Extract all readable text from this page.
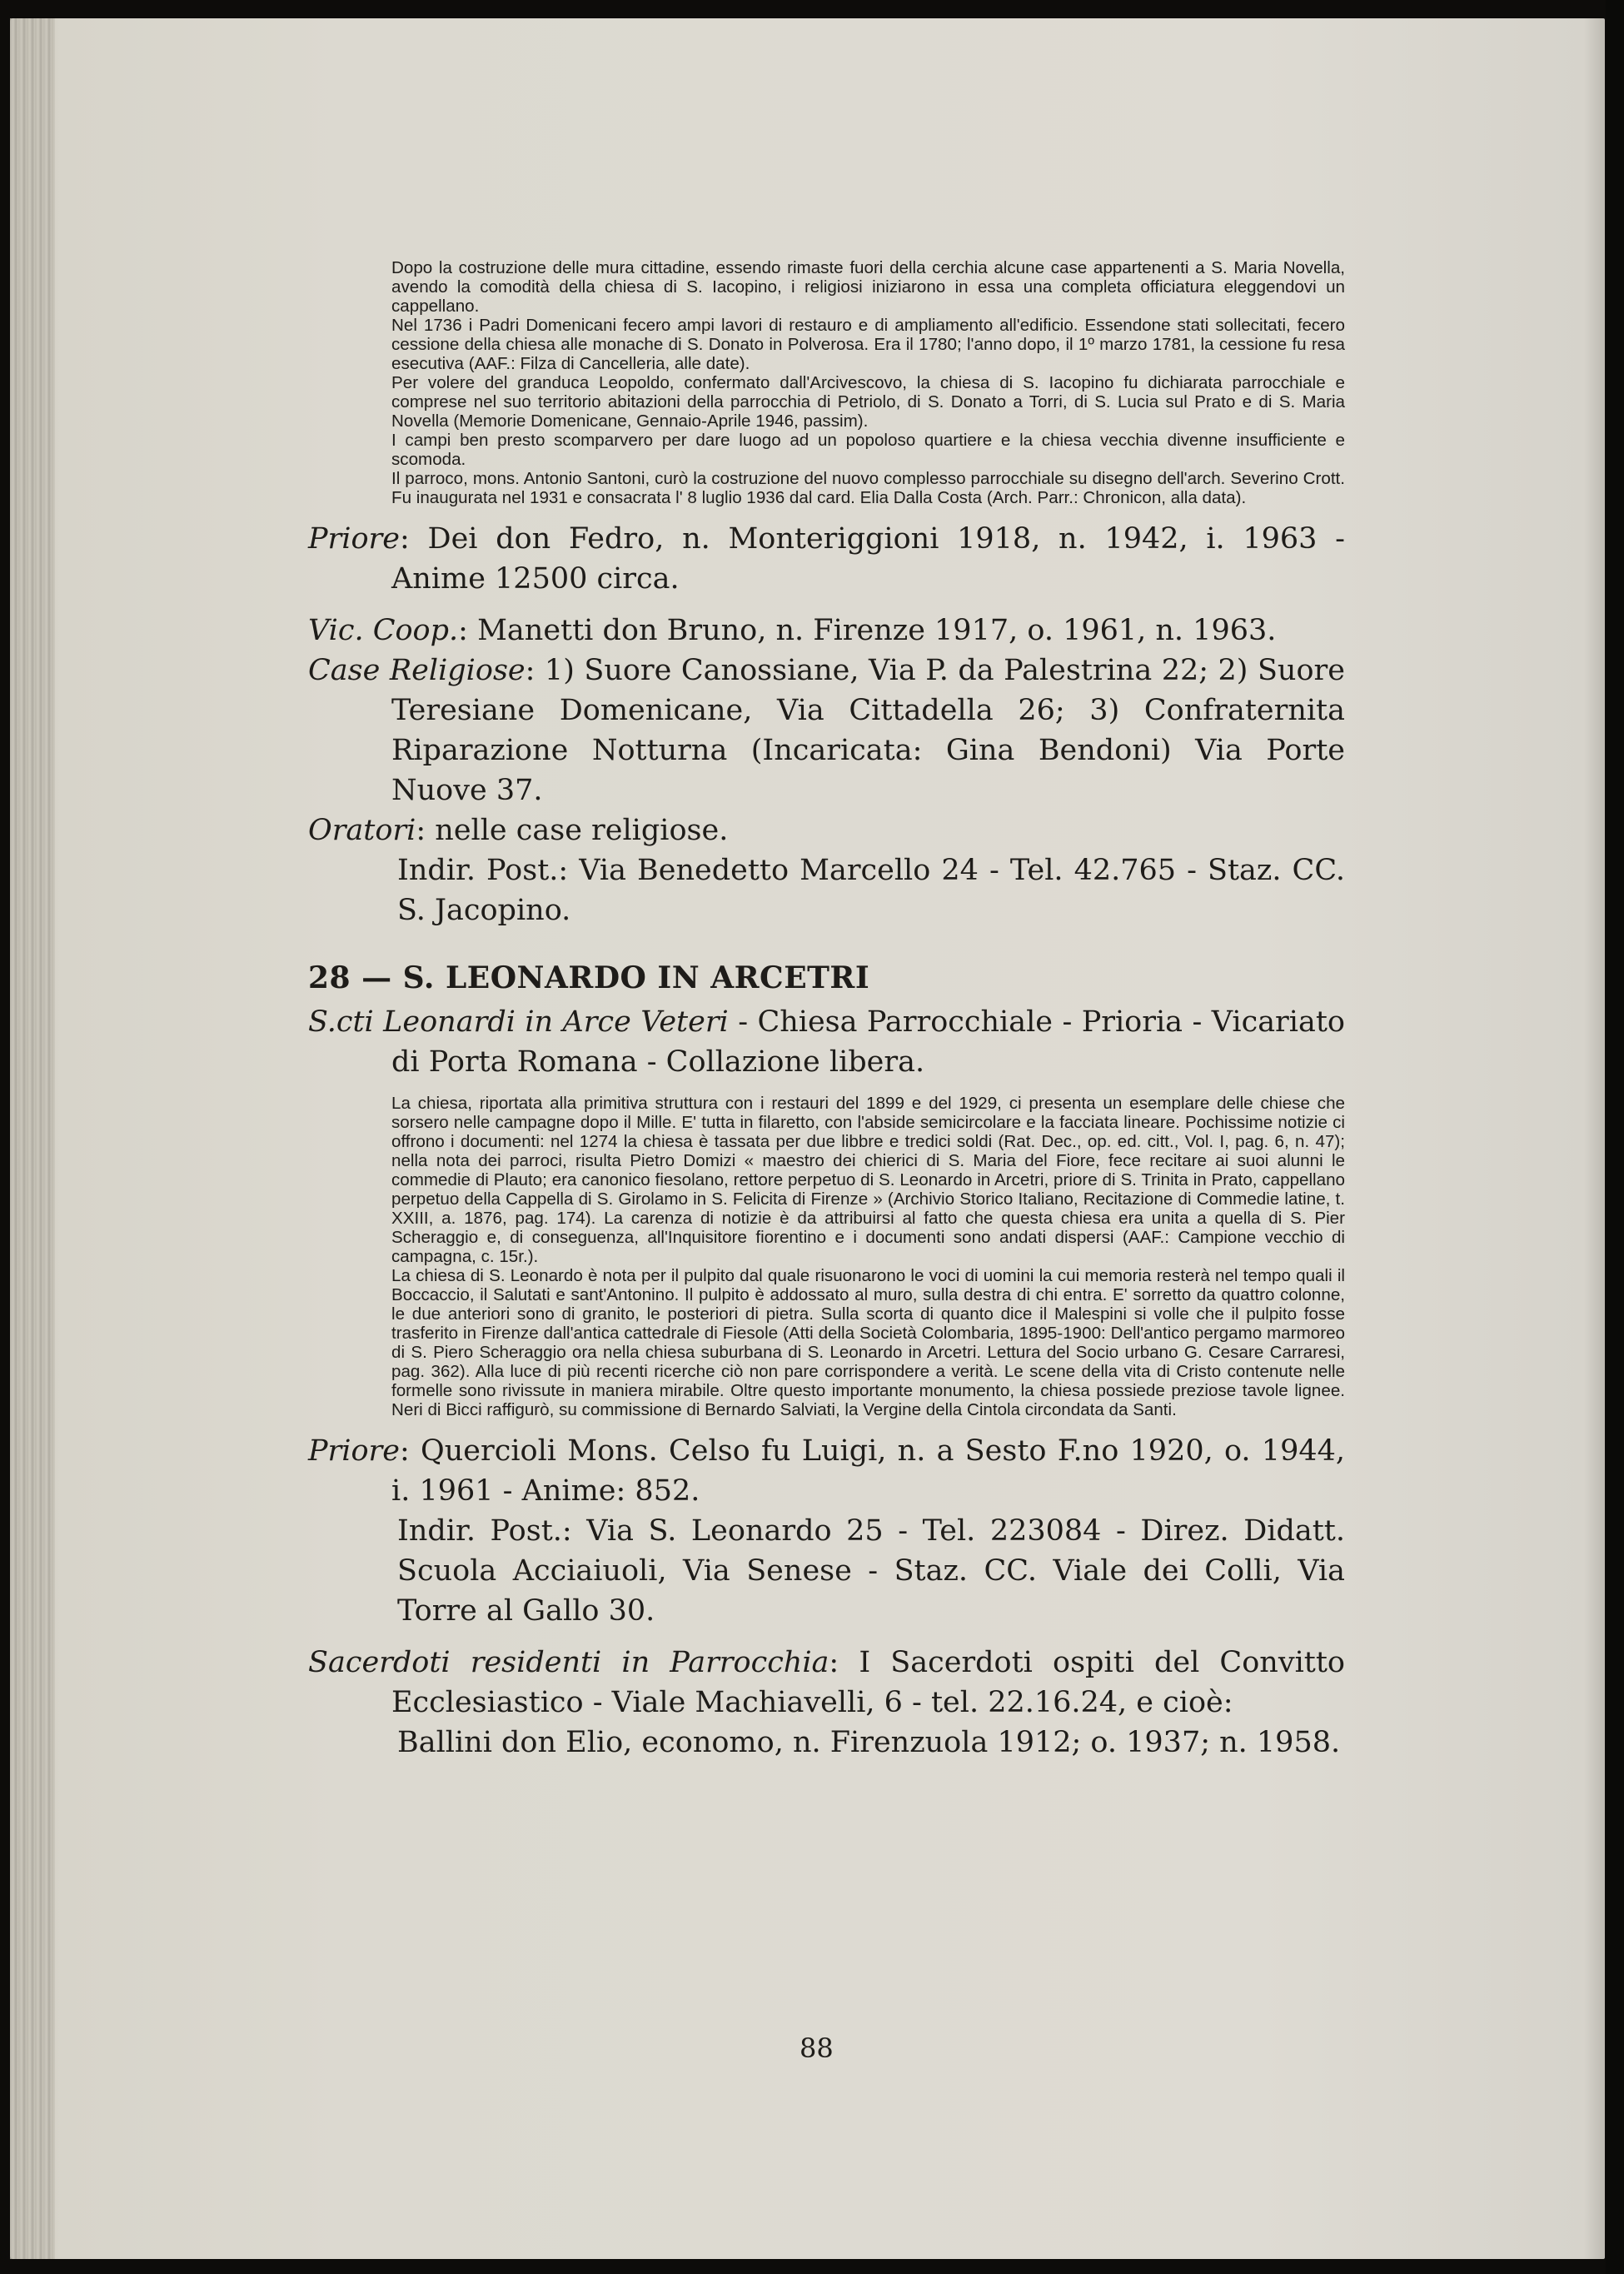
Dopo la costruzione delle mura cittadine, essendo rimaste fuori della cerchia alcune case appartenenti a S. Maria Novella, avendo la comodità della chiesa di S. Iacopino, i religiosi iniziarono in essa una completa officiatura eleggendovi un cappellano.

Nel 1736 i Padri Domenicani fecero ampi lavori di restauro e di ampliamento all'edificio. Essendone stati sollecitati, fecero cessione della chiesa alle monache di S. Donato in Polverosa. Era il 1780; l'anno dopo, il 1º marzo 1781, la cessione fu resa esecutiva (AAF.: Filza di Cancelleria, alle date).

Per volere del granduca Leopoldo, confermato dall'Arcivescovo, la chiesa di S. Iacopino fu dichiarata parrocchiale e comprese nel suo territorio abitazioni della parrocchia di Petriolo, di S. Donato a Torri, di S. Lucia sul Prato e di S. Maria Novella (Memorie Domenicane, Gennaio-Aprile 1946, passim).

I campi ben presto scomparvero per dare luogo ad un popoloso quartiere e la chiesa vecchia divenne insufficiente e scomoda.

Il parroco, mons. Antonio Santoni, curò la costruzione del nuovo complesso parrocchiale su disegno dell'arch. Severino Crott. Fu inaugurata nel 1931 e consacrata l' 8 luglio 1936 dal card. Elia Dalla Costa (Arch. Parr.: Chronicon, alla data).

Priore: Dei don Fedro, n. Monteriggioni 1918, n. 1942, i. 1963 - Anime 12500 circa.

Vic. Coop.: Manetti don Bruno, n. Firenze 1917, o. 1961, n. 1963.

Case Religiose: 1) Suore Canossiane, Via P. da Palestrina 22; 2) Suore Teresiane Domenicane, Via Cittadella 26; 3) Confraternita Riparazione Notturna (Incaricata: Gina Bendoni) Via Porte Nuove 37.

Oratori: nelle case religiose.

Indir. Post.: Via Benedetto Marcello 24 - Tel. 42.765 - Staz. CC. S. Jacopino.

28 — S. LEONARDO IN ARCETRI

S.cti Leonardi in Arce Veteri - Chiesa Parrocchiale - Prioria - Vicariato di Porta Romana - Collazione libera.

La chiesa, riportata alla primitiva struttura con i restauri del 1899 e del 1929, ci presenta un esemplare delle chiese che sorsero nelle campagne dopo il Mille. E' tutta in filaretto, con l'abside semicircolare e la facciata lineare. Pochissime notizie ci offrono i documenti: nel 1274 la chiesa è tassata per due libbre e tredici soldi (Rat. Dec., op. ed. citt., Vol. I, pag. 6, n. 47); nella nota dei parroci, risulta Pietro Domizi « maestro dei chierici di S. Maria del Fiore, fece recitare ai suoi alunni le commedie di Plauto; era canonico fiesolano, rettore perpetuo di S. Leonardo in Arcetri, priore di S. Trinita in Prato, cappellano perpetuo della Cappella di S. Girolamo in S. Felicita di Firenze » (Archivio Storico Italiano, Recitazione di Commedie latine, t. XXIII, a. 1876, pag. 174). La carenza di notizie è da attribuirsi al fatto che questa chiesa era unita a quella di S. Pier Scheraggio e, di conseguenza, all'Inquisitore fiorentino e i documenti sono andati dispersi (AAF.: Campione vecchio di campagna, c. 15r.).

La chiesa di S. Leonardo è nota per il pulpito dal quale risuonarono le voci di uomini la cui memoria resterà nel tempo quali il Boccaccio, il Salutati e sant'Antonino. Il pulpito è addossato al muro, sulla destra di chi entra. E' sorretto da quattro colonne, le due anteriori sono di granito, le posteriori di pietra. Sulla scorta di quanto dice il Malespini si volle che il pulpito fosse trasferito in Firenze dall'antica cattedrale di Fiesole (Atti della Società Colombaria, 1895-1900: Dell'antico pergamo marmoreo di S. Piero Scheraggio ora nella chiesa suburbana di S. Leonardo in Arcetri. Lettura del Socio urbano G. Cesare Carraresi, pag. 362). Alla luce di più recenti ricerche ciò non pare corrispondere a verità. Le scene della vita di Cristo contenute nelle formelle sono rivissute in maniera mirabile. Oltre questo importante monumento, la chiesa possiede preziose tavole lignee. Neri di Bicci raffigurò, su commissione di Bernardo Salviati, la Vergine della Cintola circondata da Santi.

Priore: Quercioli Mons. Celso fu Luigi, n. a Sesto F.no 1920, o. 1944, i. 1961 - Anime: 852.

Indir. Post.: Via S. Leonardo 25 - Tel. 223084 - Direz. Didatt. Scuola Acciaiuoli, Via Senese - Staz. CC. Viale dei Colli, Via Torre al Gallo 30.

Sacerdoti residenti in Parrocchia: I Sacerdoti ospiti del Convitto Ecclesiastico - Viale Machiavelli, 6 - tel. 22.16.24, e cioè:

Ballini don Elio, economo, n. Firenzuola 1912; o. 1937; n. 1958.

88
